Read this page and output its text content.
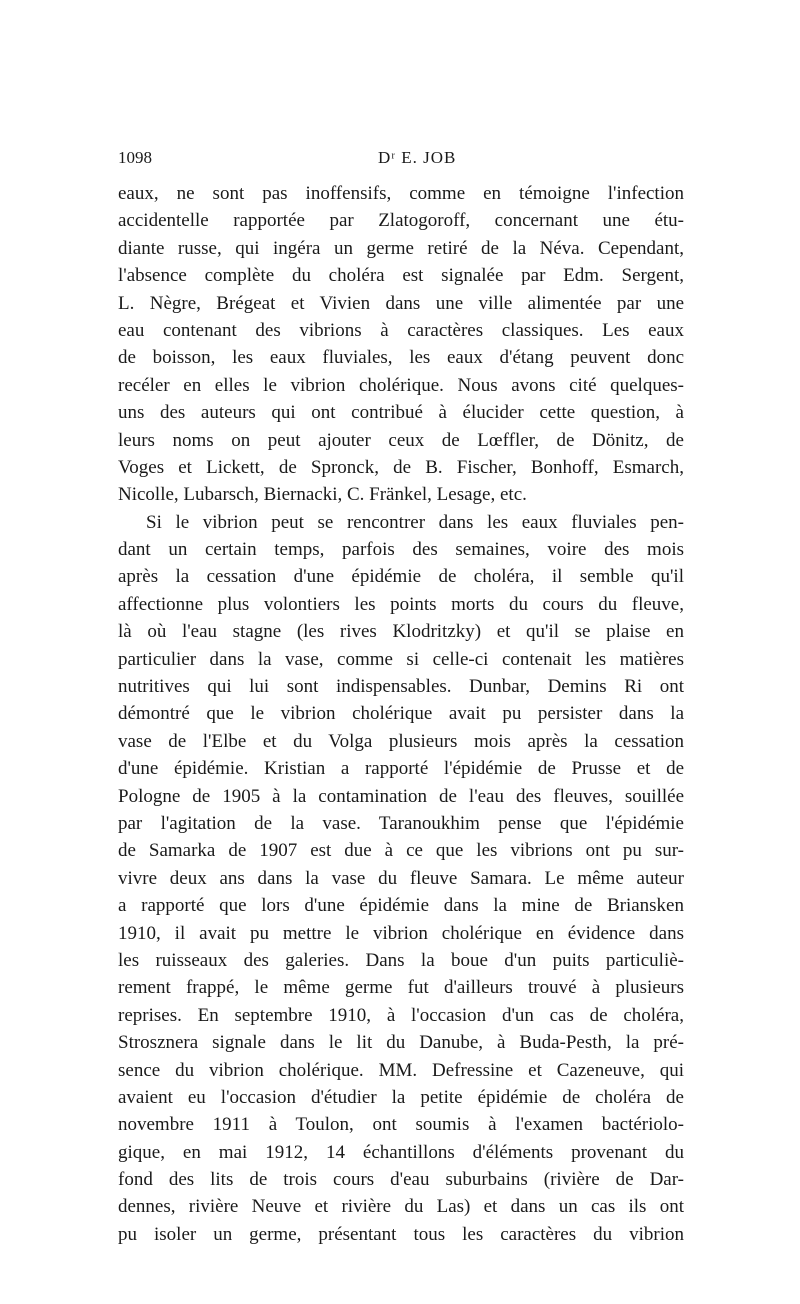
1098	Dʳ E. JOB
eaux, ne sont pas inoffensifs, comme en témoigne l'infection
accidentelle rapportée par Zlatogoroff, concernant une étu-
diante russe, qui ingéra un germe retiré de la Néva. Cependant,
l'absence complète du choléra est signalée par Edm. Sergent,
L. Nègre, Brégeat et Vivien dans une ville alimentée par une
eau contenant des vibrions à caractères classiques. Les eaux
de boisson, les eaux fluviales, les eaux d'étang peuvent donc
recéler en elles le vibrion cholérique. Nous avons cité quelques-
uns des auteurs qui ont contribué à élucider cette question, à
leurs noms on peut ajouter ceux de Lœffler, de Dönitz, de
Voges et Lickett, de Spronck, de B. Fischer, Bonhoff, Esmarch,
Nicolle, Lubarsch, Biernacki, C. Fränkel, Lesage, etc.
Si le vibrion peut se rencontrer dans les eaux fluviales pen-
dant un certain temps, parfois des semaines, voire des mois
après la cessation d'une épidémie de choléra, il semble qu'il
affectionne plus volontiers les points morts du cours du fleuve,
là où l'eau stagne (les rives Klodritzky) et qu'il se plaise en
particulier dans la vase, comme si celle-ci contenait les matières
nutritives qui lui sont indispensables. Dunbar, Demins Ri ont
démontré que le vibrion cholérique avait pu persister dans la
vase de l'Elbe et du Volga plusieurs mois après la cessation
d'une épidémie. Kristian a rapporté l'épidémie de Prusse et de
Pologne de 1905 à la contamination de l'eau des fleuves, souillée
par l'agitation de la vase. Taranoukhim pense que l'épidémie
de Samarka de 1907 est due à ce que les vibrions ont pu sur-
vivre deux ans dans la vase du fleuve Samara. Le même auteur
a rapporté que lors d'une épidémie dans la mine de Briansken
1910, il avait pu mettre le vibrion cholérique en évidence dans
les ruisseaux des galeries. Dans la boue d'un puits particuliè-
rement frappé, le même germe fut d'ailleurs trouvé à plusieurs
reprises. En septembre 1910, à l'occasion d'un cas de choléra,
Strosznera signale dans le lit du Danube, à Buda-Pesth, la pré-
sence du vibrion cholérique. MM. Defressine et Cazeneuve, qui
avaient eu l'occasion d'étudier la petite épidémie de choléra de
novembre 1911 à Toulon, ont soumis à l'examen bactériolo-
gique, en mai 1912, 14 échantillons d'éléments provenant du
fond des lits de trois cours d'eau suburbains (rivière de Dar-
dennes, rivière Neuve et rivière du Las) et dans un cas ils ont
pu isoler un germe, présentant tous les caractères du vibrion
